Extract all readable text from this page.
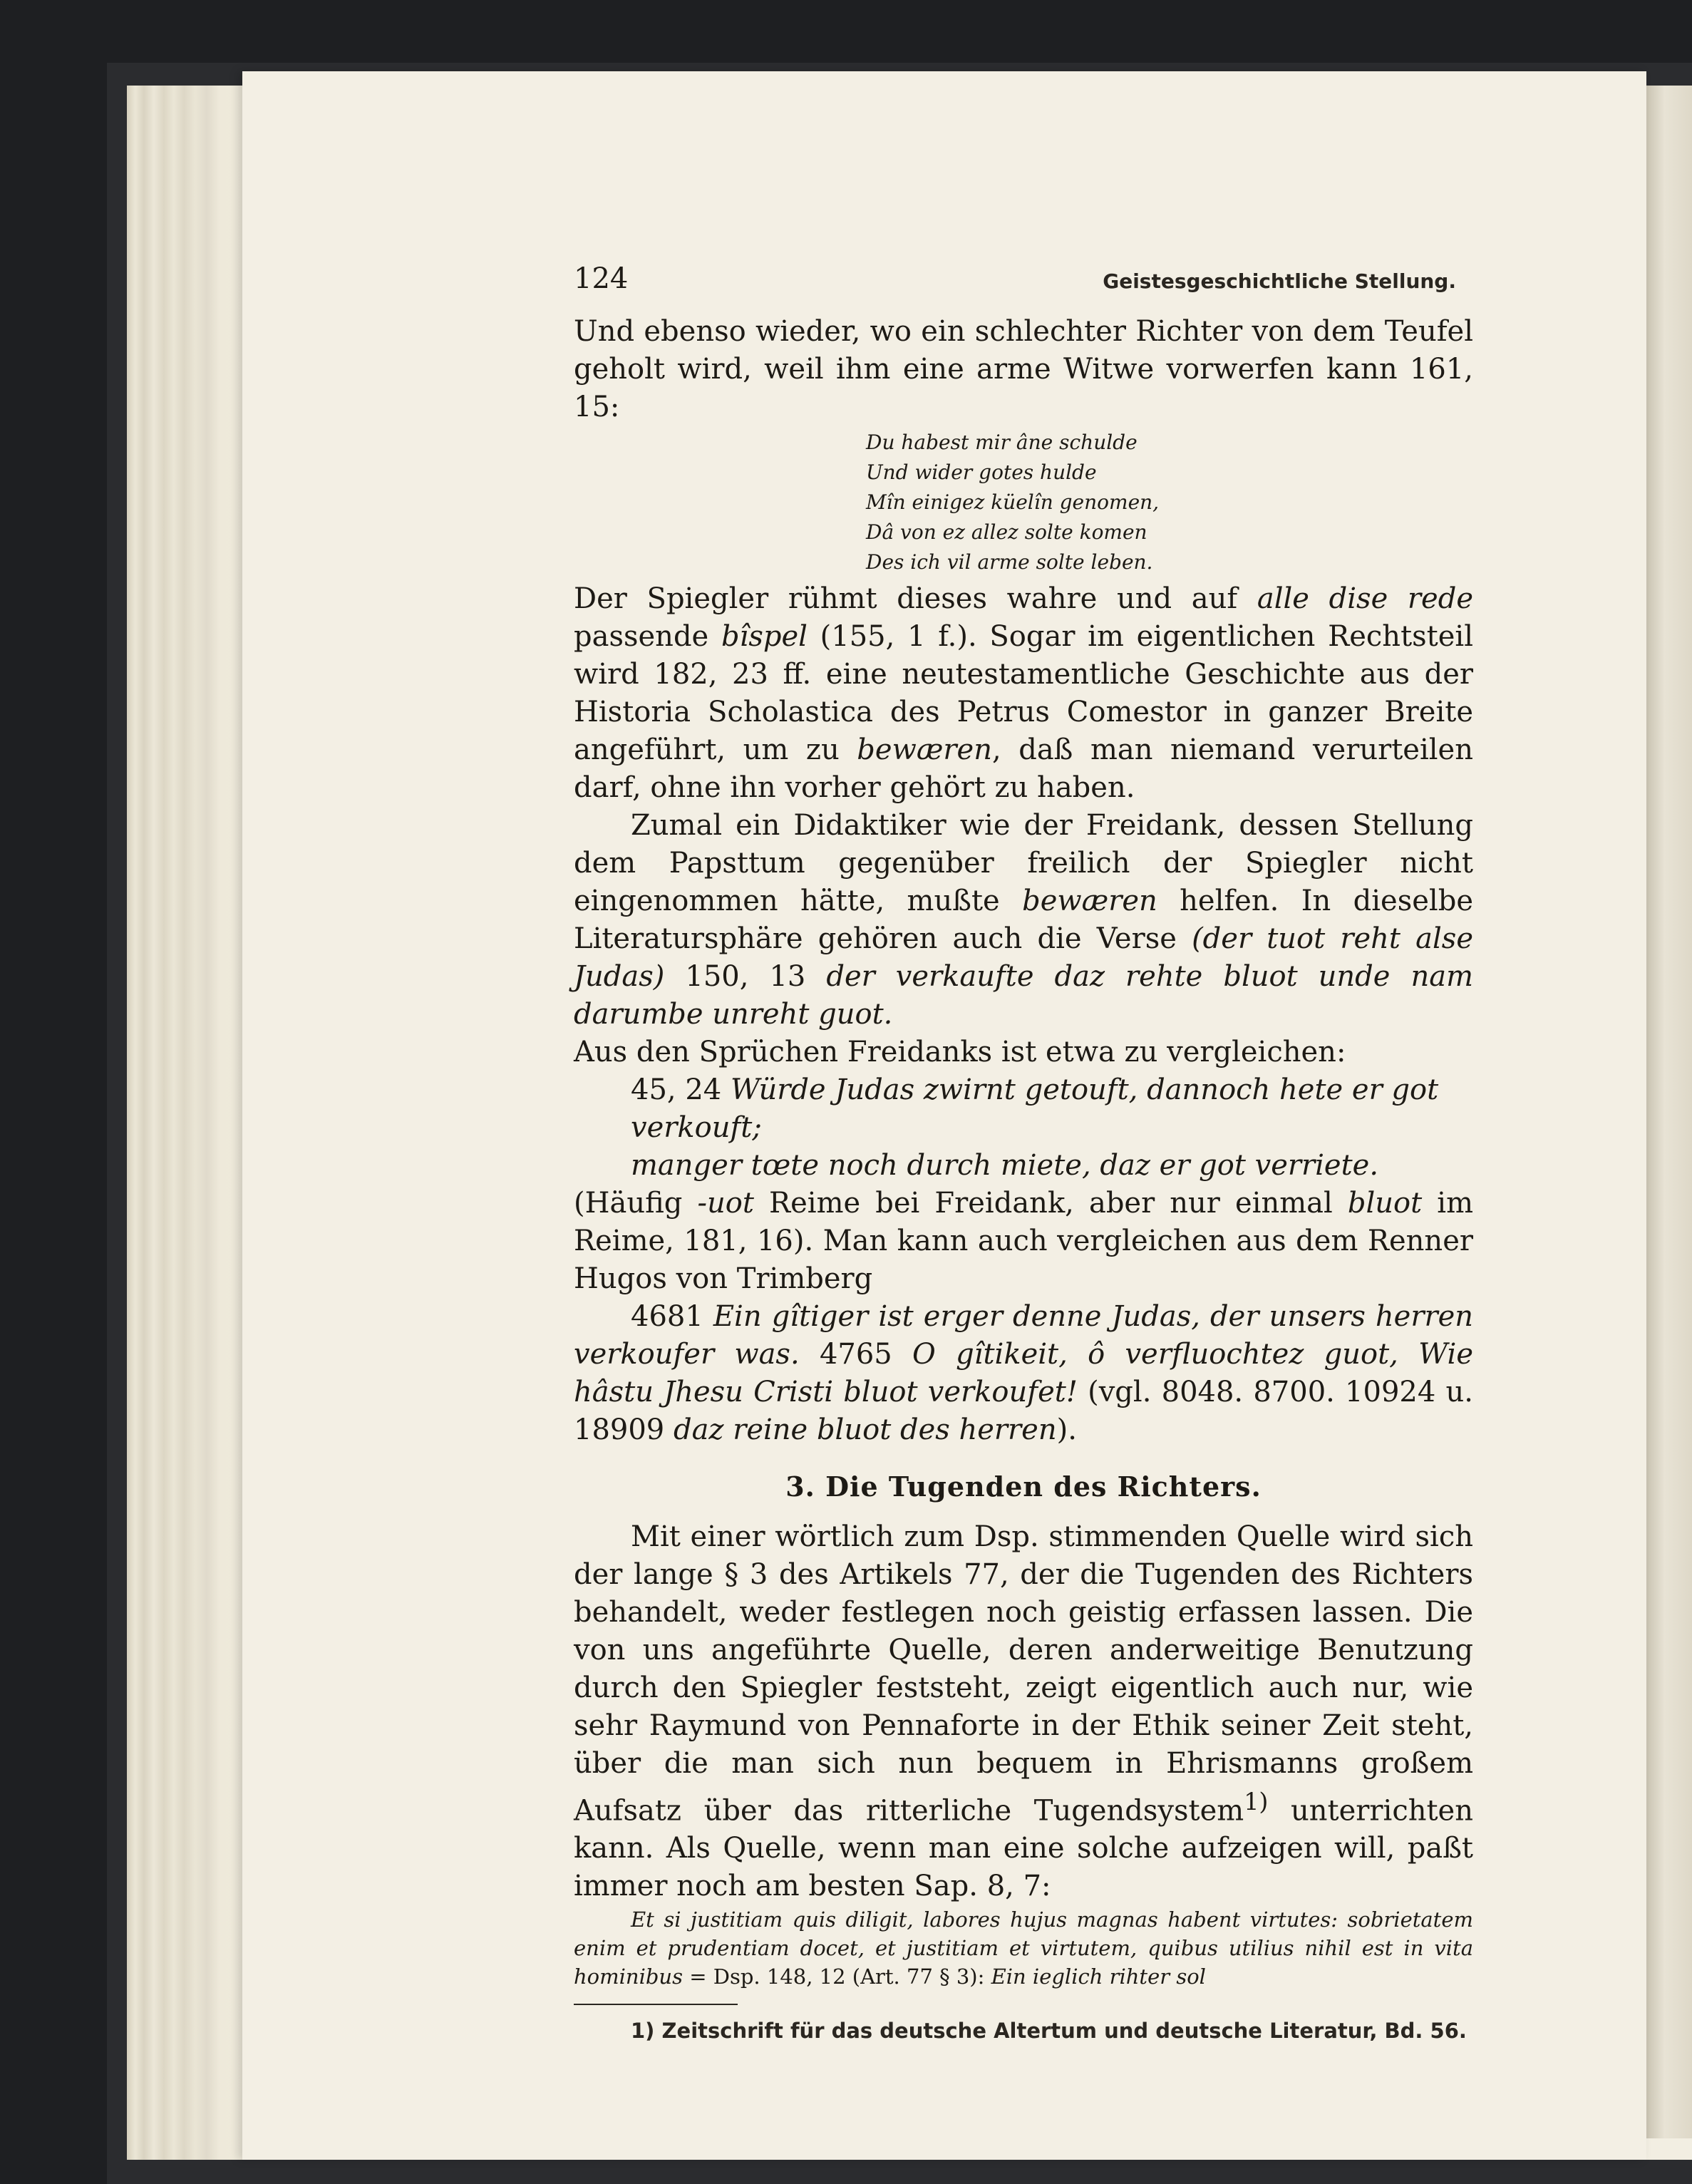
124	Geistesgeschichtliche Stellung.

Und ebenso wieder, wo ein schlechter Richter von dem Teufel geholt wird, weil ihm eine arme Witwe vorwerfen kann 161, 15:

Du habest mir âne schulde
Und wider gotes hulde
Mîn einigez küelîn genomen,
Dâ von ez allez solte komen
Des ich vil arme solte leben.

Der Spiegler rühmt dieses wahre und auf alle dise rede passende bîspel (155, 1 f.). Sogar im eigentlichen Rechtsteil wird 182, 23 ff. eine neutestamentliche Geschichte aus der Historia Scholastica des Petrus Comestor in ganzer Breite angeführt, um zu bewæren, daß man niemand verurteilen darf, ohne ihn vorher gehört zu haben.

Zumal ein Didaktiker wie der Freidank, dessen Stellung dem Papsttum gegenüber freilich der Spiegler nicht eingenommen hätte, mußte bewæren helfen. In dieselbe Literatursphäre gehören auch die Verse (der tuot reht alse Judas) 150, 13 der verkaufte daz rehte bluot unde nam darumbe unreht guot.

Aus den Sprüchen Freidanks ist etwa zu vergleichen:

45, 24 Würde Judas zwirnt getouft, dannoch hete er got verkouft;
manger tœte noch durch miete, daz er got verriete.

(Häufig -uot Reime bei Freidank, aber nur einmal bluot im Reime, 181, 16). Man kann auch vergleichen aus dem Renner Hugos von Trimberg

4681 Ein gîtiger ist erger denne Judas, der unsers herren verkoufer was. 4765 O gîtikeit, ô verfluochtez guot, Wie hâstu Jhesu Cristi bluot verkoufet! (vgl. 8048. 8700. 10924 u. 18909 daz reine bluot des herren).

3. Die Tugenden des Richters.

Mit einer wörtlich zum Dsp. stimmenden Quelle wird sich der lange § 3 des Artikels 77, der die Tugenden des Richters behandelt, weder festlegen noch geistig erfassen lassen. Die von uns angeführte Quelle, deren anderweitige Benutzung durch den Spiegler feststeht, zeigt eigentlich auch nur, wie sehr Raymund von Pennaforte in der Ethik seiner Zeit steht, über die man sich nun bequem in Ehrismanns großem Aufsatz über das ritterliche Tugendsystem$^{1)}$ unterrichten kann. Als Quelle, wenn man eine solche aufzeigen will, paßt immer noch am besten Sap. 8, 7:

Et si justitiam quis diligit, labores hujus magnas habent virtutes: sobrietatem enim et prudentiam docet, et justitiam et virtutem, quibus utilius nihil est in vita hominibus = Dsp. 148, 12 (Art. 77 § 3): Ein ieglich rihter sol

1) Zeitschrift für das deutsche Altertum und deutsche Literatur, Bd. 56.
